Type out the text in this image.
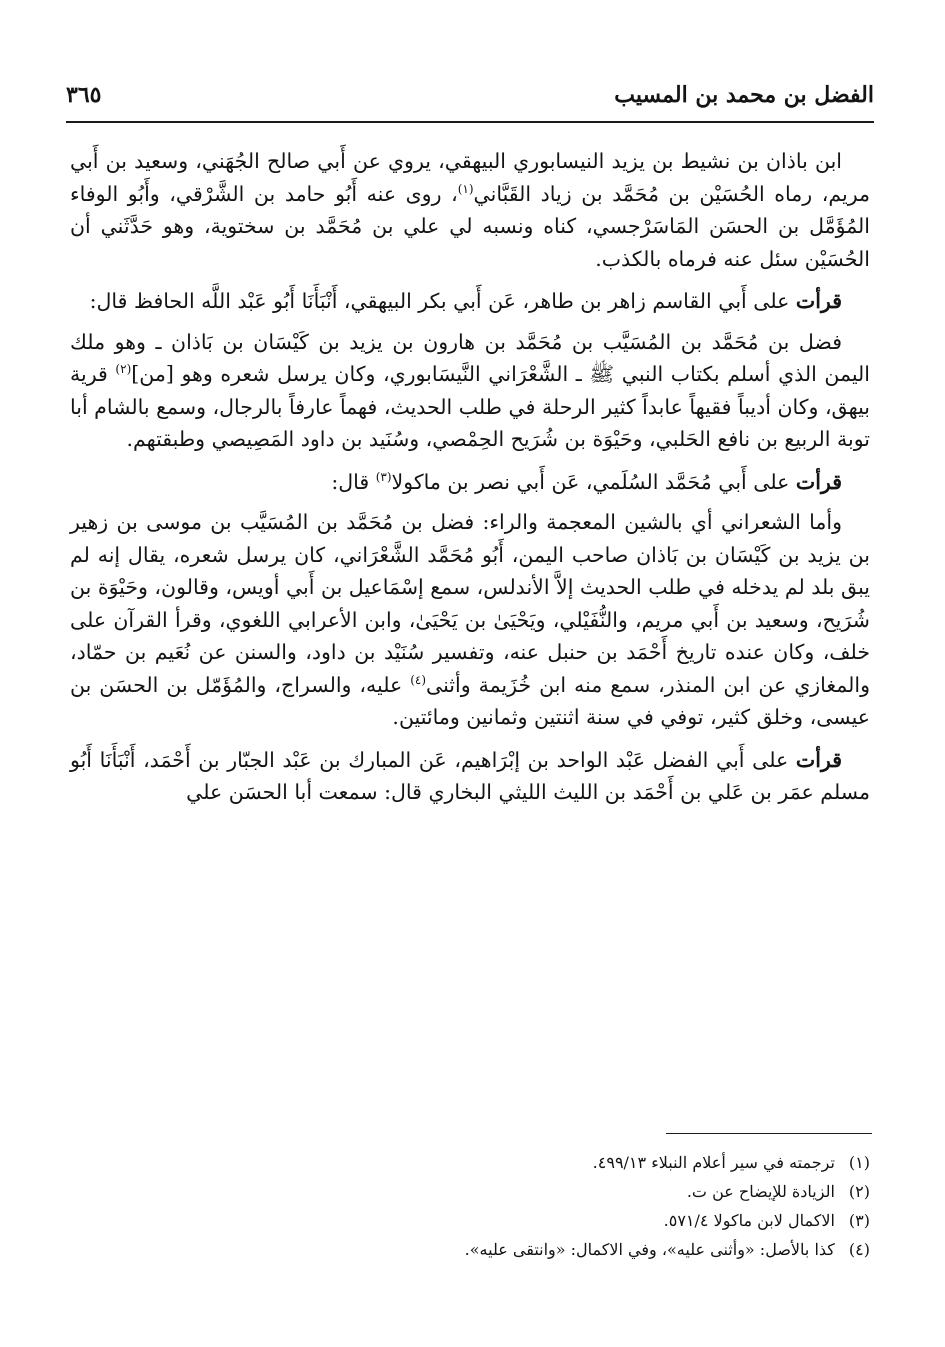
الفضل بن محمد بن المسيب
٣٦٥

ابن باذان بن نشيط بن يزيد النيسابوري البيهقي، يروي عن أَبي صالح الجُهَني، وسعيد بن أَبي مريم، رماه الحُسَيْن بن مُحَمَّد بن زياد القَبَّاني$^{(١)}$، روى عنه أَبُو حامد بن الشَّرْقي، وأَبُو الوفاء المُؤَمَّل بن الحسَن المَاسَرْجسي، كناه ونسبه لي علي بن مُحَمَّد بن سختوية، وهو حَدَّثَني أن الحُسَيْن سئل عنه فرماه بالكذب.

قرأت على أَبي القاسم زاهر بن طاهر، عَن أَبي بكر البيهقي، أَنْبَأَنَا أَبُو عَبْد اللَّه الحافظ قال:

فضل بن مُحَمَّد بن المُسَيَّب بن مُحَمَّد بن هارون بن يزيد بن كَيْسَان بن بَاذان ـ وهو ملك اليمن الذي أسلم بكتاب النبي ﷺ ـ الشَّعْرَاني النَّيسَابوري، وكان يرسل شعره وهو [من]$^{(٢)}$ قرية بيهق، وكان أديباً فقيهاً عابداً كثير الرحلة في طلب الحديث، فهماً عارفاً بالرجال، وسمع بالشام أبا توبة الربيع بن نافع الحَلبي، وحَيْوَة بن شُرَيح الحِمْصي، وسُنَيد بن داود المَصِيصي وطبقتهم.

قرأت على أَبي مُحَمَّد السُلَمي، عَن أَبي نصر بن ماكولا$^{(٣)}$ قال:

وأما الشعراني أي بالشين المعجمة والراء: فضل بن مُحَمَّد بن المُسَيَّب بن موسى بن زهير بن يزيد بن كَيْسَان بن بَاذان صاحب اليمن، أَبُو مُحَمَّد الشَّعْرَاني، كان يرسل شعره، يقال إنه لم يبق بلد لم يدخله في طلب الحديث إلاَّ الأندلس، سمع إسْمَاعيل بن أَبي أويس، وقالون، وحَيْوَة بن شُرَيح، وسعيد بن أَبي مريم، والنُّفَيْلي، ويَحْيَىٰ بن يَحْيَىٰ، وابن الأعرابي اللغوي، وقرأ القرآن على خلف، وكان عنده تاريخ أَحْمَد بن حنبل عنه، وتفسير سُنَيْد بن داود، والسنن عن نُعَيم بن حمّاد، والمغازي عن ابن المنذر، سمع منه ابن خُزَيمة وأثنى$^{(٤)}$ عليه، والسراج، والمُؤَمّل بن الحسَن بن عيسى، وخلق كثير، توفي في سنة اثنتين وثمانين ومائتين.

قرأت على أَبي الفضل عَبْد الواحد بن إبْرَاهيم، عَن المبارك بن عَبْد الجبّار بن أَحْمَد، أَنْبَأَنَا أَبُو مسلم عمَر بن عَلي بن أَحْمَد بن الليث الليثي البخاري قال: سمعت أبا الحسَن علي

(١) ترجمته في سير أعلام النبلاء ٤٩٩/١٣.
(٢) الزيادة للإيضاح عن ت.
(٣) الاكمال لابن ماكولا ٥٧١/٤.
(٤) كذا بالأصل: «وأثنى عليه»، وفي الاكمال: «وانتقى عليه».
